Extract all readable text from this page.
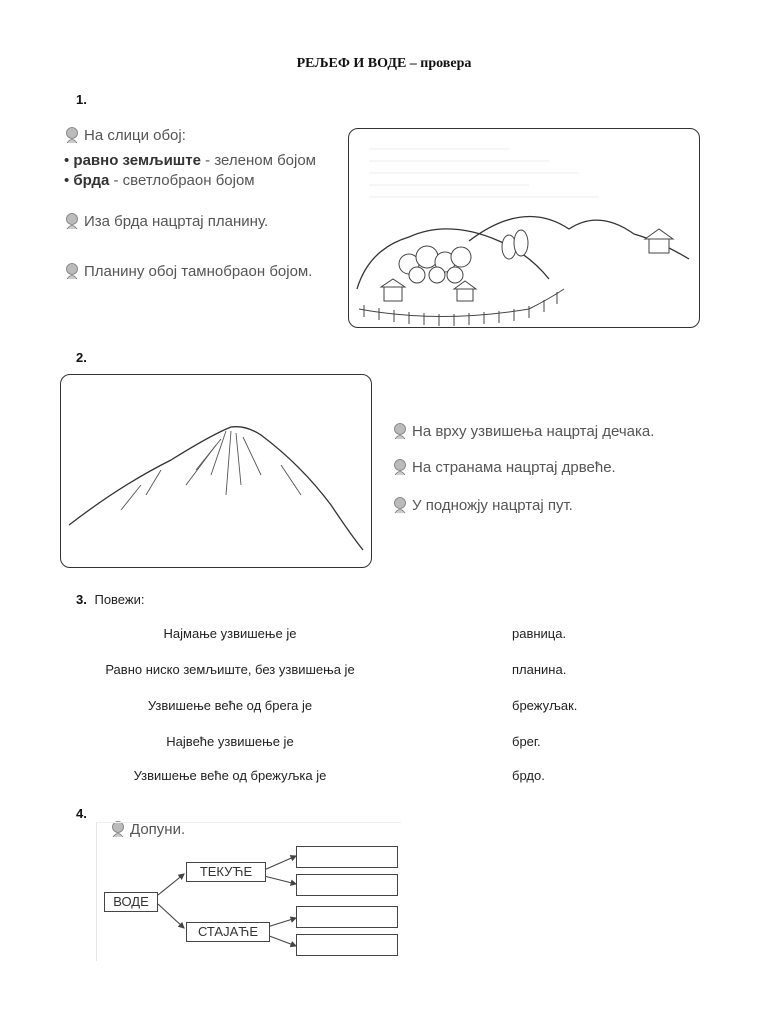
РЕЉЕФ И ВОДЕ – провера
1.
На слици обој:
• равно земљиште - зеленом бојом
• брда - светлобраон бојом
Иза брда нацртај планину.
Планину обој тамнобраон бојом.
2.
На врху узвишења нацртај дечака.
На странама нацртај дрвеће.
У подножју нацртај пут.
3. Повежи:
Најмање узвишење је
Равно ниско земљиште, без узвишења је
Узвишење веће од брега је
Највеће узвишење је
Узвишење веће од брежуљка је
равница.
планина.
брежуљак.
брег.
брдо.
4.
Допуни.
ВОДЕ
ТЕКУЋЕ
СТАЈАЋЕ
